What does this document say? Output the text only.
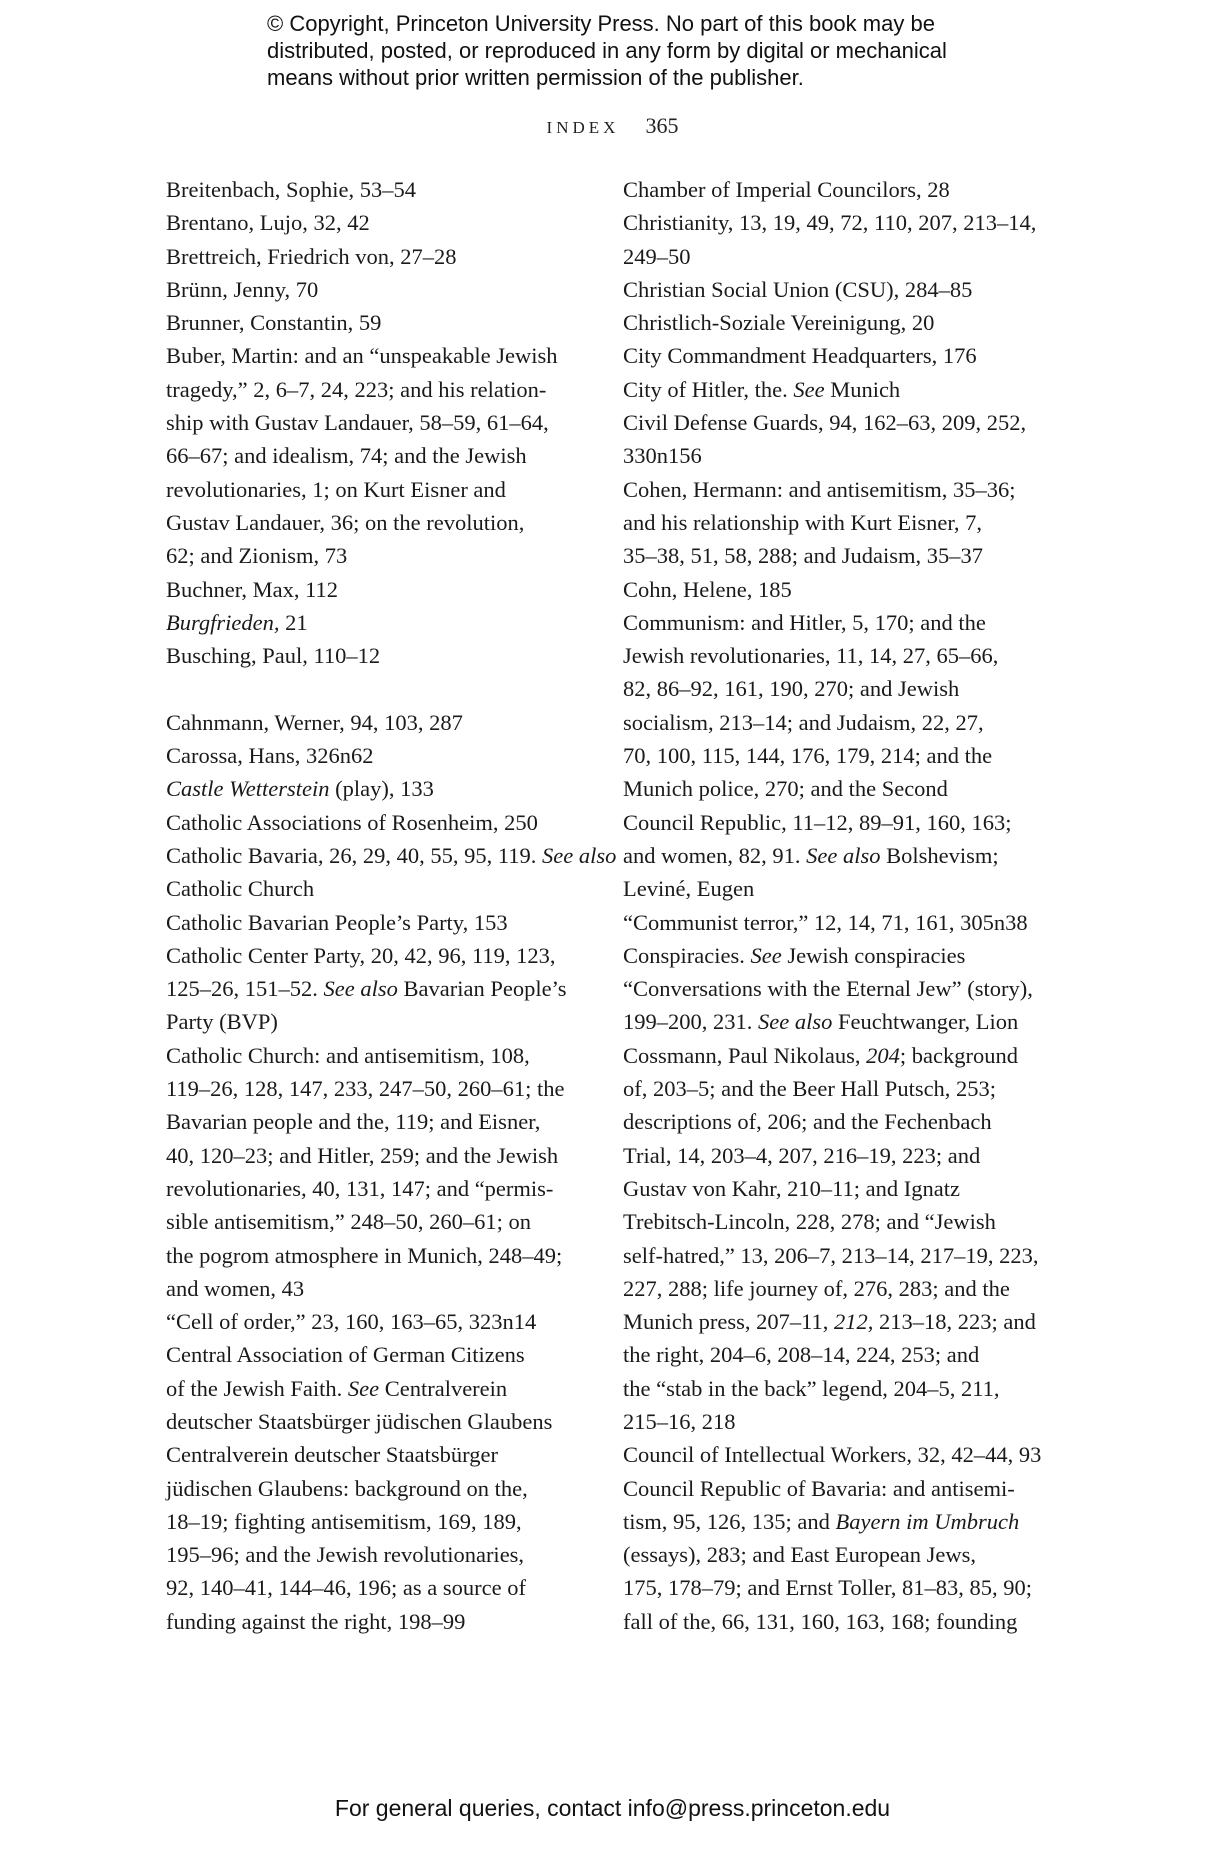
© Copyright, Princeton University Press. No part of this book may be
distributed, posted, or reproduced in any form by digital or mechanical
means without prior written permission of the publisher.
INDEX 365
Breitenbach, Sophie, 53–54
Brentano, Lujo, 32, 42
Brettreich, Friedrich von, 27–28
Brünn, Jenny, 70
Brunner, Constantin, 59
Buber, Martin: and an “unspeakable Jewish
tragedy,” 2, 6–7, 24, 223; and his relation-
ship with Gustav Landauer, 58–59, 61–64,
66–67; and idealism, 74; and the Jewish
revolutionaries, 1; on Kurt Eisner and
Gustav Landauer, 36; on the revolution,
62; and Zionism, 73
Buchner, Max, 112
Burgfrieden, 21
Busching, Paul, 110–12
Cahnmann, Werner, 94, 103, 287
Carossa, Hans, 326n62
Castle Wetterstein (play), 133
Catholic Associations of Rosenheim, 250
Catholic Bavaria, 26, 29, 40, 55, 95, 119. See also
Catholic Church
Catholic Bavarian People’s Party, 153
Catholic Center Party, 20, 42, 96, 119, 123,
125–26, 151–52. See also Bavarian People’s
Party (BVP)
Catholic Church: and antisemitism, 108,
119–26, 128, 147, 233, 247–50, 260–61; the
Bavarian people and the, 119; and Eisner,
40, 120–23; and Hitler, 259; and the Jewish
revolutionaries, 40, 131, 147; and “permis-
sible antisemitism,” 248–50, 260–61; on
the pogrom atmosphere in Munich, 248–49;
and women, 43
“Cell of order,” 23, 160, 163–65, 323n14
Central Association of German Citizens
of the Jewish Faith. See Centralverein
deutscher Staatsbürger jüdischen Glaubens
Centralverein deutscher Staatsbürger
jüdischen Glaubens: background on the,
18–19; fighting antisemitism, 169, 189,
195–96; and the Jewish revolutionaries,
92, 140–41, 144–46, 196; as a source of
funding against the right, 198–99
Chamber of Imperial Councilors, 28
Christianity, 13, 19, 49, 72, 110, 207, 213–14,
249–50
Christian Social Union (CSU), 284–85
Christlich-Soziale Vereinigung, 20
City Commandment Headquarters, 176
City of Hitler, the. See Munich
Civil Defense Guards, 94, 162–63, 209, 252,
330n156
Cohen, Hermann: and antisemitism, 35–36;
and his relationship with Kurt Eisner, 7,
35–38, 51, 58, 288; and Judaism, 35–37
Cohn, Helene, 185
Communism: and Hitler, 5, 170; and the
Jewish revolutionaries, 11, 14, 27, 65–66,
82, 86–92, 161, 190, 270; and Jewish
socialism, 213–14; and Judaism, 22, 27,
70, 100, 115, 144, 176, 179, 214; and the
Munich police, 270; and the Second
Council Republic, 11–12, 89–91, 160, 163;
and women, 82, 91. See also Bolshevism;
Leviné, Eugen
“Communist terror,” 12, 14, 71, 161, 305n38
Conspiracies. See Jewish conspiracies
“Conversations with the Eternal Jew” (story),
199–200, 231. See also Feuchtwanger, Lion
Cossmann, Paul Nikolaus, 204; background
of, 203–5; and the Beer Hall Putsch, 253;
descriptions of, 206; and the Fechenbach
Trial, 14, 203–4, 207, 216–19, 223; and
Gustav von Kahr, 210–11; and Ignatz
Trebitsch-Lincoln, 228, 278; and “Jewish
self-hatred,” 13, 206–7, 213–14, 217–19, 223,
227, 288; life journey of, 276, 283; and the
Munich press, 207–11, 212, 213–18, 223; and
the right, 204–6, 208–14, 224, 253; and
the “stab in the back” legend, 204–5, 211,
215–16, 218
Council of Intellectual Workers, 32, 42–44, 93
Council Republic of Bavaria: and antisemi-
tism, 95, 126, 135; and Bayern im Umbruch
(essays), 283; and East European Jews,
175, 178–79; and Ernst Toller, 81–83, 85, 90;
fall of the, 66, 131, 160, 163, 168; founding
For general queries, contact info@press.princeton.edu
